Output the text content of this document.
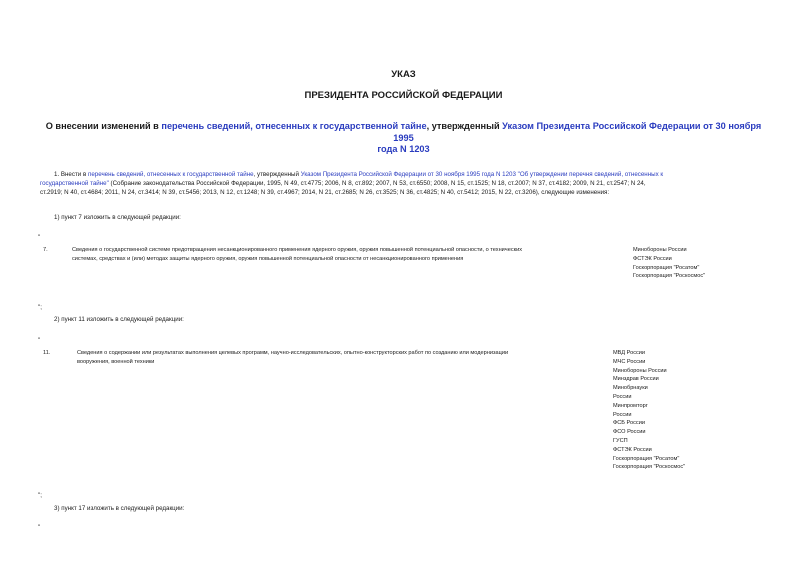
УКАЗ
ПРЕЗИДЕНТА РОССИЙСКОЙ ФЕДЕРАЦИИ
О внесении изменений в перечень сведений, отнесенных к государственной тайне, утвержденный Указом Президента Российской Федерации от 30 ноября 1995
года N 1203
1. Внести в перечень сведений, отнесенных к государственной тайне, утвержденный Указом Президента Российской Федерации от 30 ноября 1995 года N 1203 "Об утверждении перечня сведений, отнесенных к
государственной тайне" (Собрание законодательства Российской Федерации, 1995, N 49, ст.4775; 2006, N 8, ст.892; 2007, N 53, ст.6550; 2008, N 15, ст.1525; N 18, ст.2007; N 37, ст.4182; 2009, N 21, ст.2547; N 24,
ст.2919; N 40, ст.4684; 2011, N 24, ст.3414; N 39, ст.5456; 2013, N 12, ст.1248; N 39, ст.4967; 2014, N 21, ст.2685; N 26, ст.3525; N 36, ст.4825; N 40, ст.5412; 2015, N 22, ст.3206), следующие изменения:
1) пункт 7 изложить в следующей редакции:
"
7.	Сведения о государственной системе предотвращения несанкционированного применения ядерного оружия, оружия повышенной потенциальной опасности, о технических
системах, средствах и (или) методах защиты ядерного оружия, оружия повышенной потенциальной опасности от несанкционированного применения
Минобороны России
ФСТЭК России
Госкорпорация "Росатом"
Госкорпорация "Роскосмос"
";
2) пункт 11 изложить в следующей редакции:
"
11.	Сведения о содержании или результатах выполнения целевых программ, научно-исследовательских, опытно-конструкторских работ по созданию или модернизации
вооружения, военной техники
МВД России
МЧС России
Минобороны России
Минздрав России
Минобрнауки
России
Минпромторг
России
ФСБ России
ФСО России
ГУСП
ФСТЭК России
Госкорпорация "Росатом"
Госкорпорация "Роскосмос"
";
3) пункт 17 изложить в следующей редакции:
"
